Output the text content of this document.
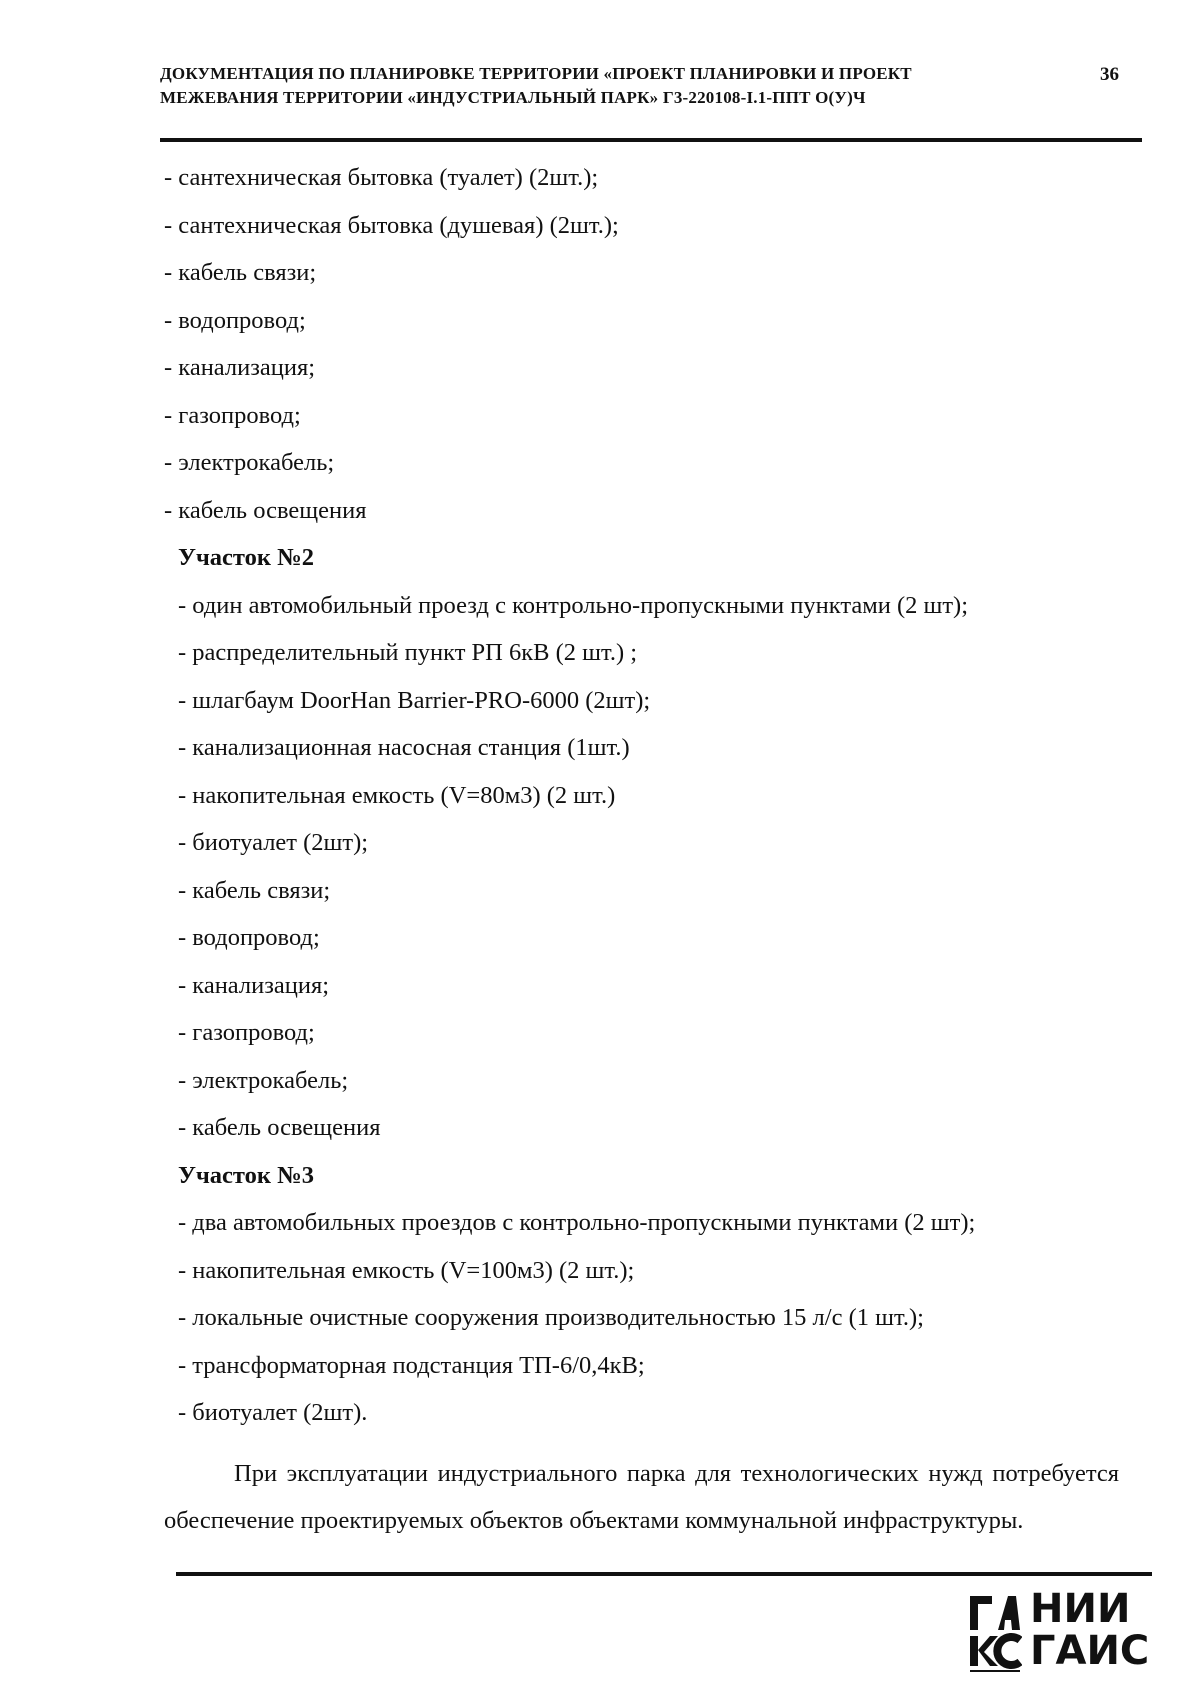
ДОКУМЕНТАЦИЯ ПО ПЛАНИРОВКЕ ТЕРРИТОРИИ «ПРОЕКТ ПЛАНИРОВКИ И ПРОЕКТ МЕЖЕВАНИЯ ТЕРРИТОРИИ «ИНДУСТРИАЛЬНЫЙ ПАРК» Г3-220108-I.1-ППТ О(У)Ч
36
- сантехническая бытовка (туалет) (2шт.);
- сантехническая бытовка (душевая) (2шт.);
- кабель связи;
- водопровод;
- канализация;
- газопровод;
- электрокабель;
- кабель освещения
Участок №2
- один автомобильный проезд с контрольно-пропускными пунктами (2 шт);
- распределительный пункт РП 6кВ (2 шт.) ;
- шлагбаум DoorHan Barrier-PRO-6000 (2шт);
- канализационная насосная станция (1шт.)
- накопительная емкость (V=80м3) (2 шт.)
- биотуалет (2шт);
- кабель связи;
- водопровод;
- канализация;
- газопровод;
- электрокабель;
- кабель освещения
Участок №3
- два автомобильных проездов с контрольно-пропускными пунктами (2 шт);
- накопительная емкость (V=100м3) (2 шт.);
- локальные очистные сооружения производительностью 15 л/с (1 шт.);
- трансформаторная подстанция ТП-6/0,4кВ;
- биотуалет (2шт).

При эксплуатации индустриального парка для технологических нужд потребуется обеспечение проектируемых объектов объектами коммунальной инфраструктуры.

НИИ
ГАИС
